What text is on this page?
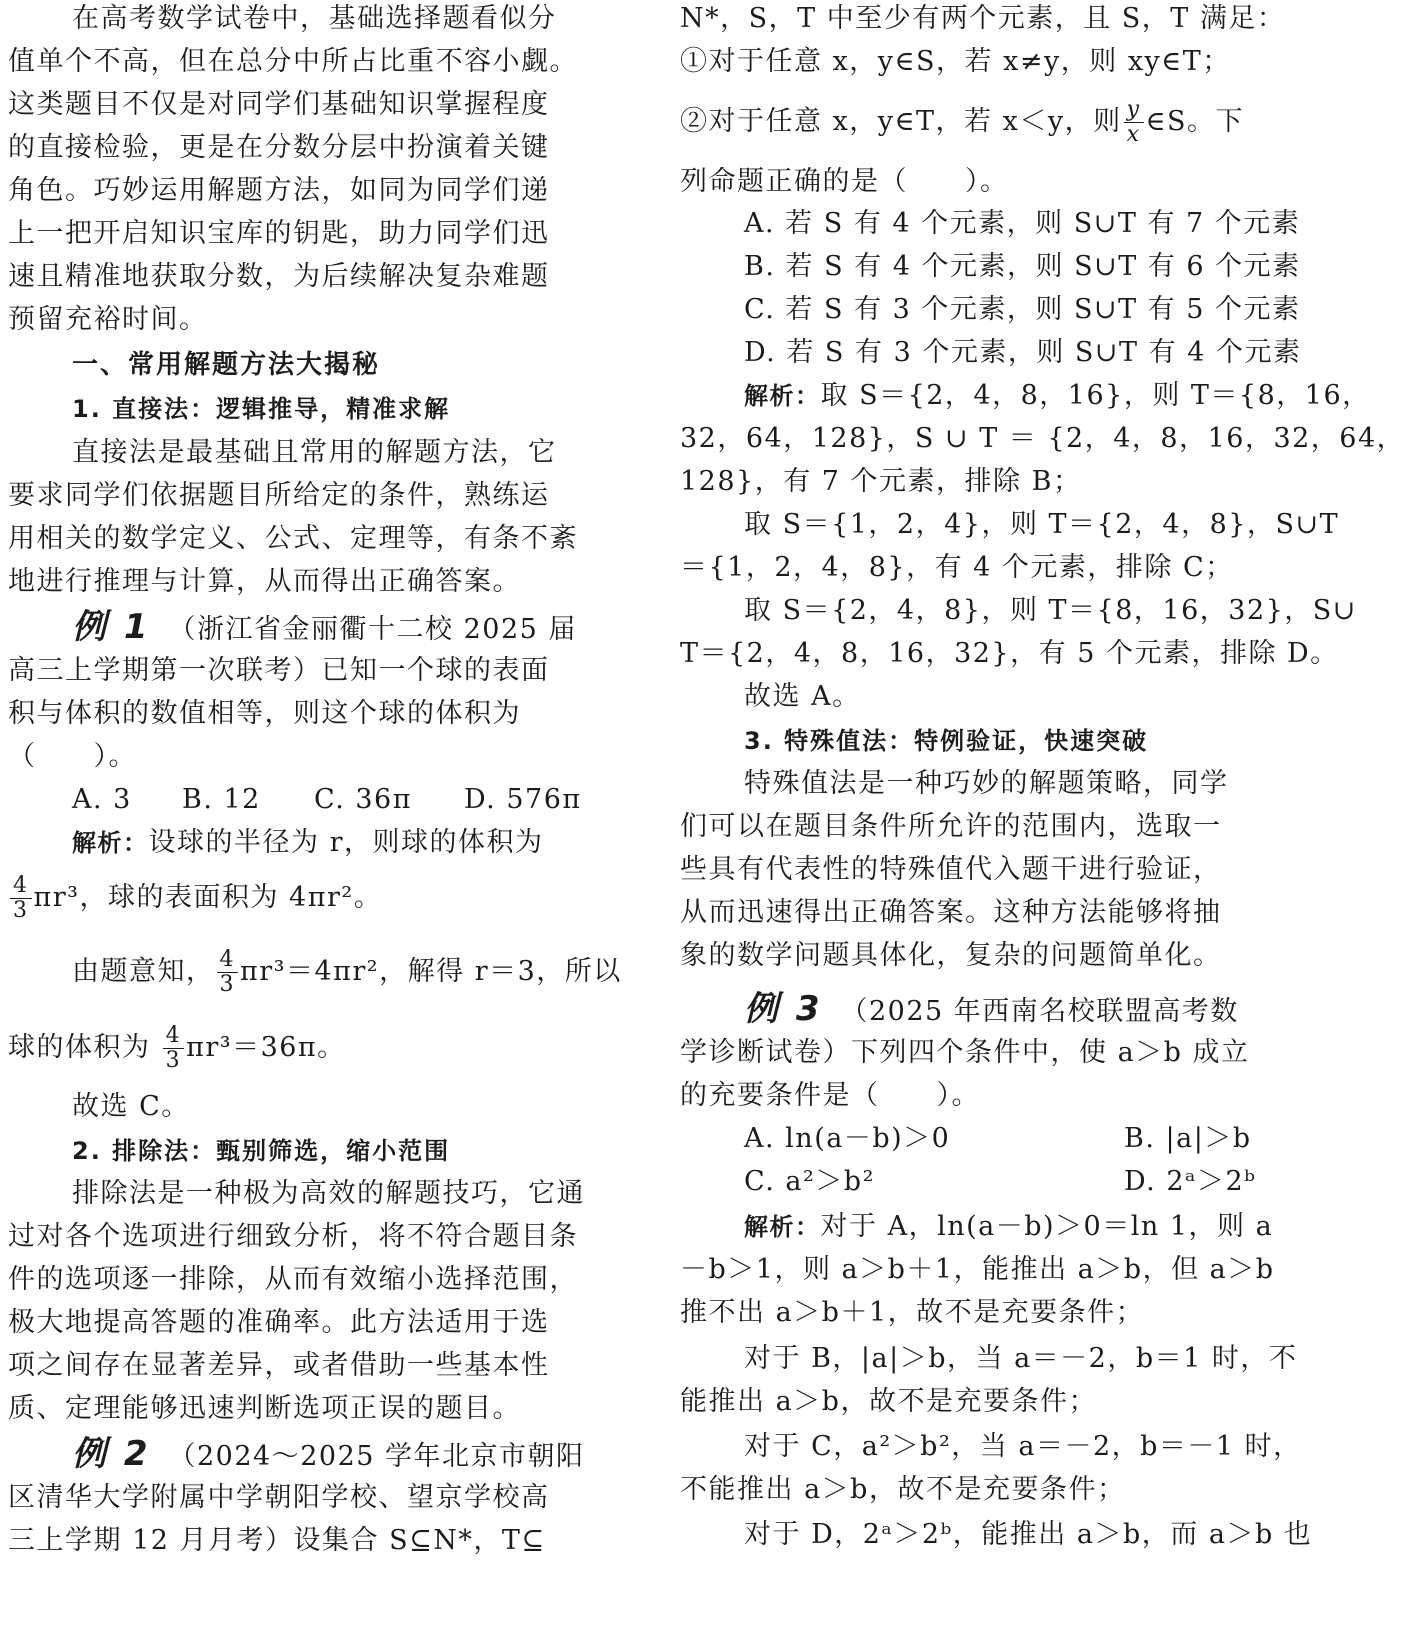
在高考数学试卷中，基础选择题看似分
值单个不高，但在总分中所占比重不容小觑。
这类题目不仅是对同学们基础知识掌握程度
的直接检验，更是在分数分层中扮演着关键
角色。巧妙运用解题方法，如同为同学们递
上一把开启知识宝库的钥匙，助力同学们迅
速且精准地获取分数，为后续解决复杂难题
预留充裕时间。
一、常用解题方法大揭秘
1. 直接法：逻辑推导，精准求解
直接法是最基础且常用的解题方法，它
要求同学们依据题目所给定的条件，熟练运
用相关的数学定义、公式、定理等，有条不紊
地进行推理与计算，从而得出正确答案。
例 1 （浙江省金丽衢十二校 2025 届
高三上学期第一次联考）已知一个球的表面
积与体积的数值相等，则这个球的体积为
（　　）。
A. 3 B. 12 C. 36π D. 576π
解析：设球的半径为 r，则球的体积为
$\frac{4}{3} \pi r^3$，球的表面积为 4πr²。
由题意知， $\frac{4}{3} \pi r^3=4\pi r^2$，解得 r＝3，所以
球的体积为 $\frac{4}{3} \pi r^3=36\pi$。
故选 C。
2. 排除法：甄别筛选，缩小范围
排除法是一种极为高效的解题技巧，它通
过对各个选项进行细致分析，将不符合题目条
件的选项逐一排除，从而有效缩小选择范围，
极大地提高答题的准确率。此方法适用于选
项之间存在显著差异，或者借助一些基本性
质、定理能够迅速判断选项正误的题目。
例 2 （2024～2025 学年北京市朝阳
区清华大学附属中学朝阳学校、望京学校高
三上学期 12 月月考）设集合 S⊆N*，T⊆
N*，S，T 中至少有两个元素，且 S，T 满足：
①对于任意 x，y∈S，若 x≠y，则 xy∈T；
②对于任意 x，y∈T，若 x＜y，则 $\frac{y}{x}$ ∈S。下
列命题正确的是（　　）。
A. 若 S 有 4 个元素，则 S∪T 有 7 个元素
B. 若 S 有 4 个元素，则 S∪T 有 6 个元素
C. 若 S 有 3 个元素，则 S∪T 有 5 个元素
D. 若 S 有 3 个元素，则 S∪T 有 4 个元素
解析：取 S＝{2，4，8，16}，则 T＝{8，16，
32，64，128}，S ∪ T ＝ {2，4，8，16，32，64，
128}，有 7 个元素，排除 B；
取 S＝{1，2，4}，则 T＝{2，4，8}，S∪T
＝{1，2，4，8}，有 4 个元素，排除 C；
取 S＝{2，4，8}，则 T＝{8，16，32}，S∪
T＝{2，4，8，16，32}，有 5 个元素，排除 D。
故选 A。
3. 特殊值法：特例验证，快速突破
特殊值法是一种巧妙的解题策略，同学
们可以在题目条件所允许的范围内，选取一
些具有代表性的特殊值代入题干进行验证，
从而迅速得出正确答案。这种方法能够将抽
象的数学问题具体化，复杂的问题简单化。
例 3 （2025 年西南名校联盟高考数
学诊断试卷）下列四个条件中，使 a＞b 成立
的充要条件是（　　）。
A. ln(a－b)＞0	B. |a|＞b
C. a²＞b²	D. 2ᵃ＞2ᵇ
解析：对于 A，ln(a－b)＞0＝ln 1，则 a
－b＞1，则 a＞b＋1，能推出 a＞b，但 a＞b
推不出 a＞b＋1，故不是充要条件；
对于 B，|a|＞b，当 a＝－2，b＝1 时，不
能推出 a＞b，故不是充要条件；
对于 C，a²＞b²，当 a＝－2，b＝－1 时，
不能推出 a＞b，故不是充要条件；
对于 D，2ᵃ＞2ᵇ，能推出 a＞b，而 a＞b 也
